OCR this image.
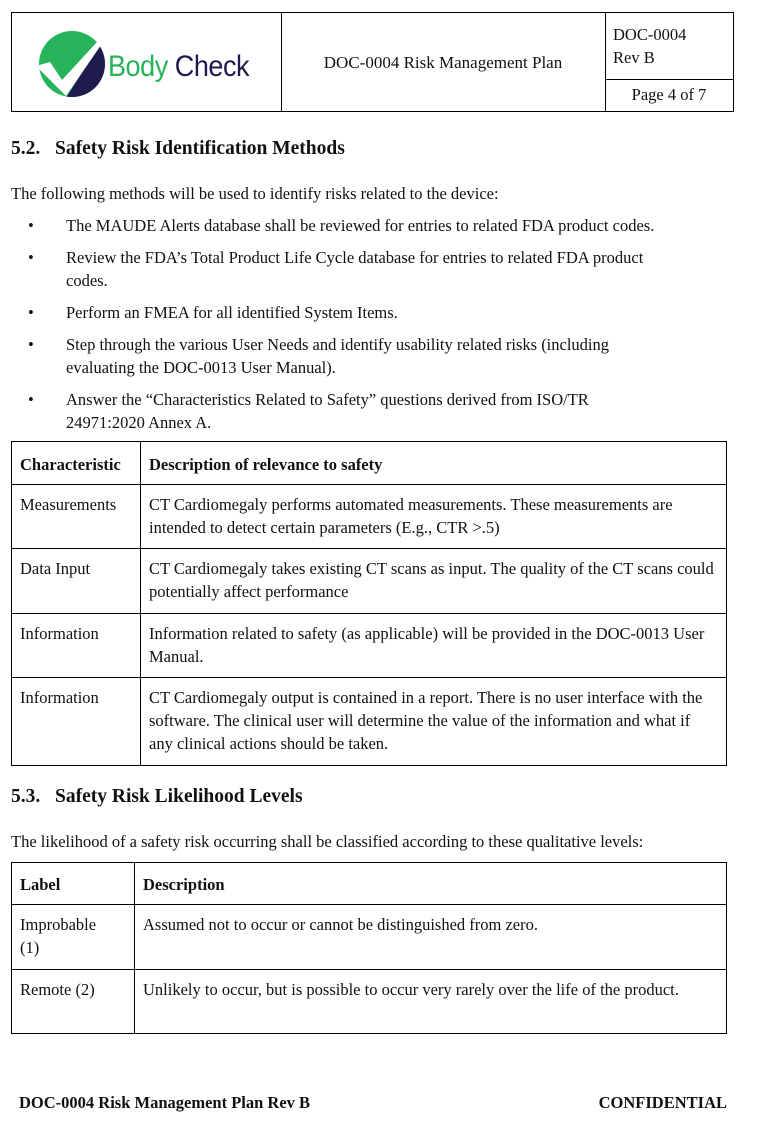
Body Check	DOC-0004 Risk Management Plan
DOC-0004
Rev B
Page 4 of 7
5.2. Safety Risk Identification Methods
The following methods will be used to identify risks related to the device:
• The MAUDE Alerts database shall be reviewed for entries to related FDA product codes.
• Review the FDA’s Total Product Life Cycle database for entries to related FDA product codes.
• Perform an FMEA for all identified System Items.
• Step through the various User Needs and identify usability related risks (including evaluating the DOC-0013 User Manual).
• Answer the “Characteristics Related to Safety” questions derived from ISO/TR 24971:2020 Annex A.
Characteristic	Description of relevance to safety
Measurements	CT Cardiomegaly performs automated measurements. These measurements are intended to detect certain parameters (E.g., CTR >.5)
Data Input	CT Cardiomegaly takes existing CT scans as input. The quality of the CT scans could potentially affect performance
Information	Information related to safety (as applicable) will be provided in the DOC-0013 User Manual.
Information	CT Cardiomegaly output is contained in a report. There is no user interface with the software. The clinical user will determine the value of the information and what if any clinical actions should be taken.
5.3. Safety Risk Likelihood Levels
The likelihood of a safety risk occurring shall be classified according to these qualitative levels:
Label	Description
Improbable (1)	Assumed not to occur or cannot be distinguished from zero.
Remote (2)	Unlikely to occur, but is possible to occur very rarely over the life of the product.
DOC-0004 Risk Management Plan Rev B	CONFIDENTIAL
